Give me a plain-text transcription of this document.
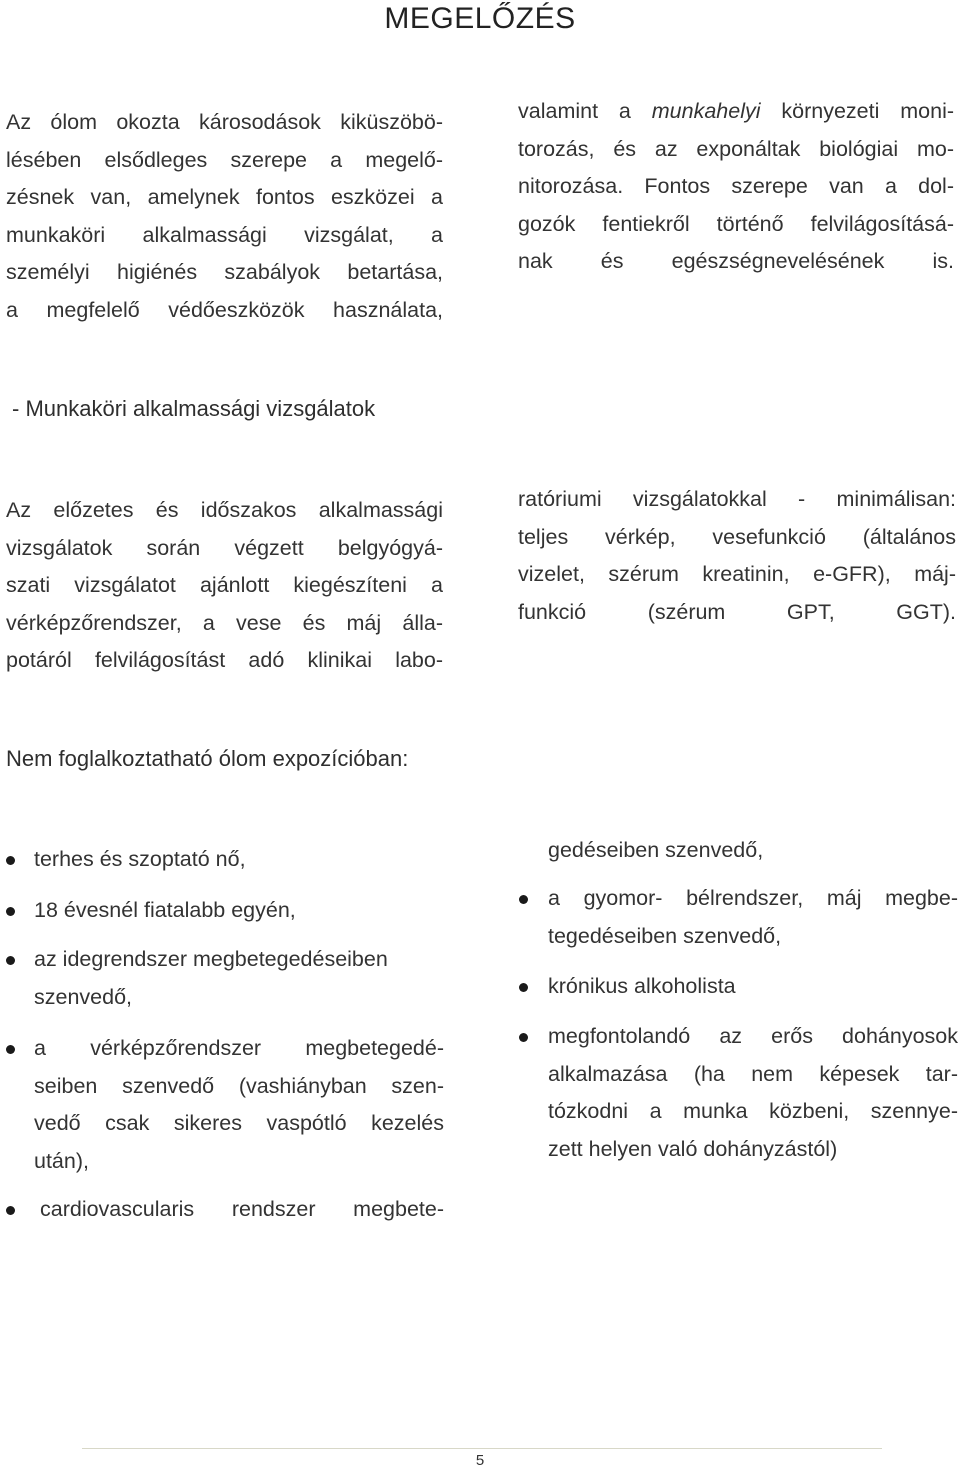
MEGELŐZÉS
Az ólom okozta károsodások kiküszöbö-
lésében elsődleges szerepe a megelő-
zésnek van, amelynek fontos eszközei a
munkaköri alkalmassági vizsgálat, a
személyi higiénés szabályok betartása,
a megfelelő védőeszközök használata,
valamint a munkahelyi környezeti moni-
torozás, és az exponáltak biológiai mo-
nitorozása. Fontos szerepe van a dol-
gozók fentiekről történő felvilágosításá-
nak és egészségnevelésének is.
- Munkaköri alkalmassági vizsgálatok
Az előzetes és időszakos alkalmassági
vizsgálatok során végzett belgyógyá-
szati vizsgálatot ajánlott kiegészíteni a
vérképzőrendszer, a vese és máj álla-
potáról felvilágosítást adó klinikai labo-
ratóriumi vizsgálatokkal - minimálisan:
teljes vérkép, vesefunkció (általános
vizelet, szérum kreatinin, e-GFR), máj-
funkció (szérum GPT, GGT).
Nem foglalkoztatható ólom expozícióban:
terhes és szoptató nő,
18 évesnél fiatalabb egyén,
az idegrendszer megbetegedéseiben
szenvedő,
a vérképzőrendszer megbetegedé-
seiben szenvedő (vashiányban szen-
vedő csak sikeres vaspótló kezelés
után),
cardiovascularis rendszer megbete-
gedéseiben szenvedő,
a gyomor- bélrendszer, máj megbe-
tegedéseiben szenvedő,
krónikus alkoholista
megfontolandó az erős dohányosok
alkalmazása (ha nem képesek tar-
tózkodni a munka közbeni, szennye-
zett helyen való dohányzástól)
5
